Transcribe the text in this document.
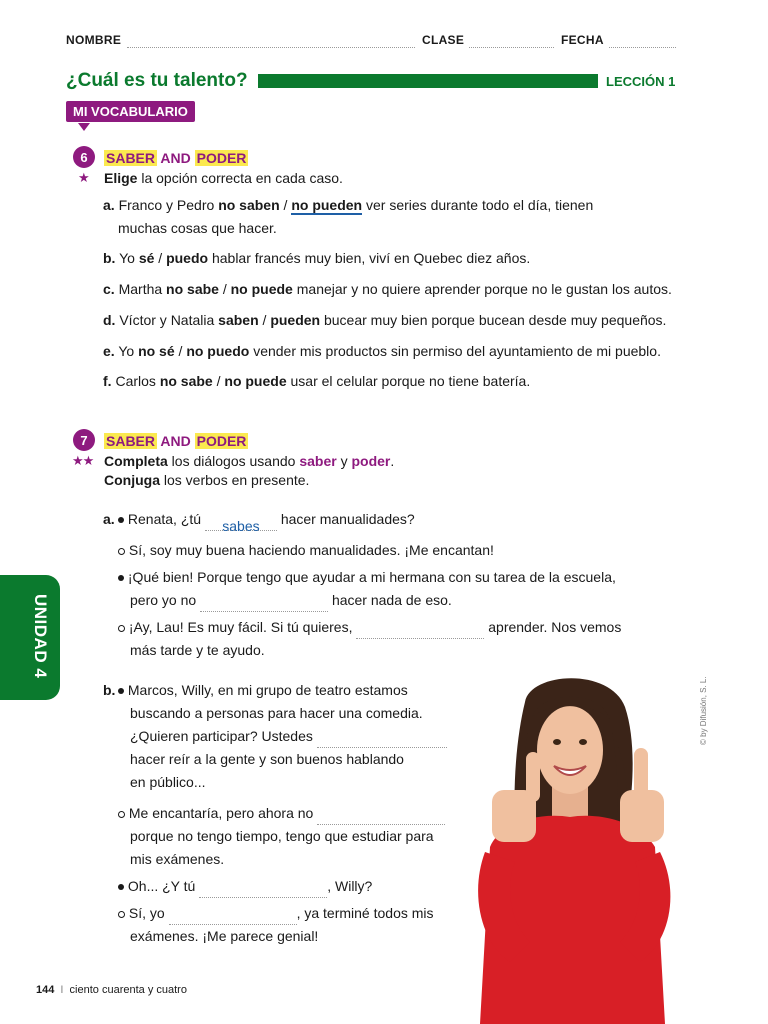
NOMBRE	CLASE	FECHA
¿Cuál es tu talento?	LECCIÓN 1
MI VOCABULARIO
6	SABER AND PODER
★ Elige la opción correcta en cada caso.
a. Franco y Pedro no saben / no pueden ver series durante todo el día, tienen
muchas cosas que hacer.
b. Yo sé / puedo hablar francés muy bien, viví en Quebec diez años.
c. Martha no sabe / no puede manejar y no quiere aprender porque no le gustan los autos.
d. Víctor y Natalia saben / pueden bucear muy bien porque bucean desde muy pequeños.
e. Yo no sé / no puedo vender mis productos sin permiso del ayuntamiento de mi pueblo.
f. Carlos no sabe / no puede usar el celular porque no tiene batería.
7	SABER AND PODER
★★ Completa los diálogos usando saber y poder.
Conjuga los verbos en presente.
a. Renata, ¿tú sabes hacer manualidades?
Sí, soy muy buena haciendo manualidades. ¡Me encantan!
¡Qué bien! Porque tengo que ayudar a mi hermana con su tarea de la escuela,
pero yo no	hacer nada de eso.
¡Ay, Lau! Es muy fácil. Si tú quieres,	aprender. Nos vemos
más tarde y te ayudo.
b. Marcos, Willy, en mi grupo de teatro estamos
buscando a personas para hacer una comedia.
¿Quieren participar? Ustedes
hacer reír a la gente y son buenos hablando
en público...
Me encantaría, pero ahora no
porque no tengo tiempo, tengo que estudiar para
mis exámenes.
Oh... ¿Y tú	, Willy?
Sí, yo	, ya terminé todos mis
exámenes. ¡Me parece genial!
© by Difusión, S. L.
UNIDAD 4
144 I ciento cuarenta y cuatro
